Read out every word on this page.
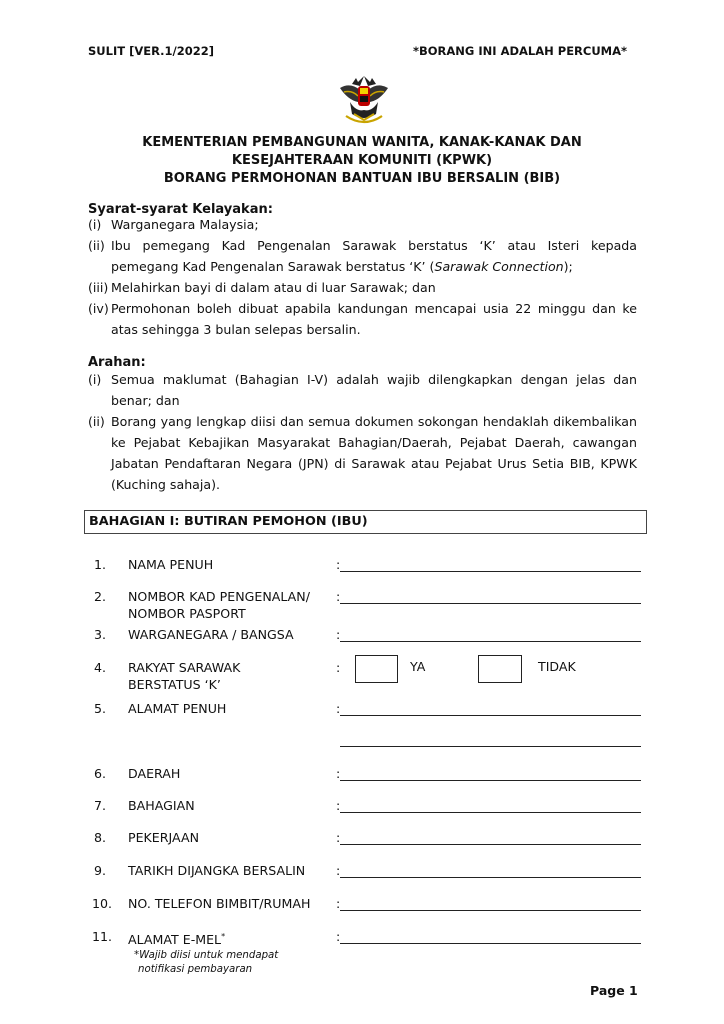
SULIT [VER.1/2022]	*BORANG INI ADALAH PERCUMA*
KEMENTERIAN PEMBANGUNAN WANITA, KANAK-KANAK DAN
KESEJAHTERAAN KOMUNITI (KPWK)
BORANG PERMOHONAN BANTUAN IBU BERSALIN (BIB)
Syarat-syarat Kelayakan:
(i) Warganegara Malaysia;
(ii) Ibu pemegang Kad Pengenalan Sarawak berstatus ‘K’ atau Isteri kepada pemegang Kad Pengenalan Sarawak berstatus ‘K’ (Sarawak Connection);
(iii) Melahirkan bayi di dalam atau di luar Sarawak; dan
(iv) Permohonan boleh dibuat apabila kandungan mencapai usia 22 minggu dan ke atas sehingga 3 bulan selepas bersalin.
Arahan:
(i) Semua maklumat (Bahagian I-V) adalah wajib dilengkapkan dengan jelas dan benar; dan
(ii) Borang yang lengkap diisi dan semua dokumen sokongan hendaklah dikembalikan ke Pejabat Kebajikan Masyarakat Bahagian/Daerah, Pejabat Daerah, cawangan Jabatan Pendaftaran Negara (JPN) di Sarawak atau Pejabat Urus Setia BIB, KPWK (Kuching sahaja).
BAHAGIAN I: BUTIRAN PEMOHON (IBU)
1. NAMA PENUH	:
2. NOMBOR KAD PENGENALAN/
NOMBOR PASPORT
:
3. WARGANEGARA / BANGSA	:
4. RAKYAT SARAWAK
BERSTATUS ‘K’
:	YA	TIDAK
5. ALAMAT PENUH	:
6. DAERAH	:
7. BAHAGIAN	:
8. PEKERJAAN	:
9. TARIKH DIJANGKA BERSALIN	:
10. NO. TELEFON BIMBIT/RUMAH	:
11. ALAMAT E-MEL*	:
*Wajib diisi untuk mendapat
notifikasi pembayaran
Page 1
